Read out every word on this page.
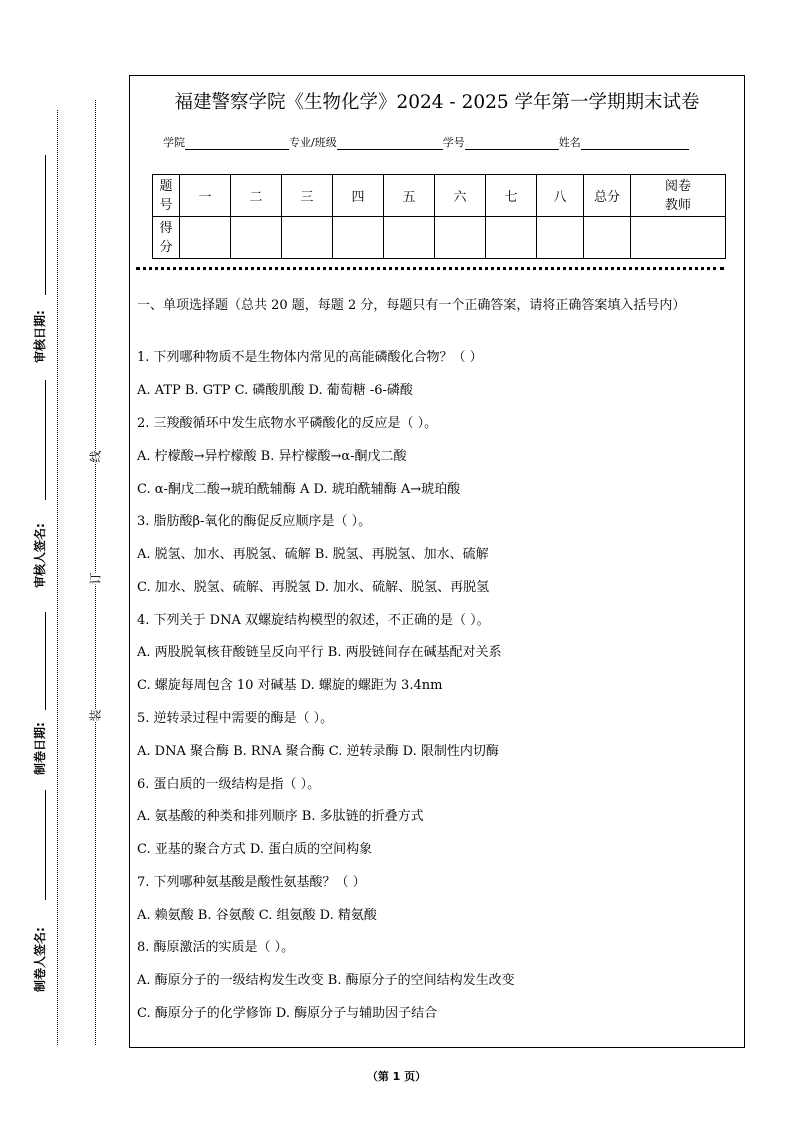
审核日期:
审核人签名:
制卷日期:
制卷人签名:
线
订
装
福建警察学院《生物化学》2024 - 2025 学年第一学期期末试卷
学院	专业/班级	学号	姓名
题号	一	二	三	四	五	六	七	八	总分	阅卷教师

得分										

一、单项选择题（总共 20 题，每题 2 分，每题只有一个正确答案，请将正确答案填入括号内）
1. 下列哪种物质不是生物体内常见的高能磷酸化合物？（ ）
A. ATP B. GTP C. 磷酸肌酸 D. 葡萄糖 -6-磷酸
2. 三羧酸循环中发生底物水平磷酸化的反应是（ ）。
A. 柠檬酸→异柠檬酸 B. 异柠檬酸→α-酮戊二酸
C. α-酮戊二酸→琥珀酰辅酶 A D. 琥珀酰辅酶 A→琥珀酸
3. 脂肪酸β-氧化的酶促反应顺序是（ ）。
A. 脱氢、加水、再脱氢、硫解 B. 脱氢、再脱氢、加水、硫解
C. 加水、脱氢、硫解、再脱氢 D. 加水、硫解、脱氢、再脱氢
4. 下列关于 DNA 双螺旋结构模型的叙述，不正确的是（ ）。
A. 两股脱氧核苷酸链呈反向平行 B. 两股链间存在碱基配对关系
C. 螺旋每周包含 10 对碱基 D. 螺旋的螺距为 3.4nm
5. 逆转录过程中需要的酶是（ ）。
A. DNA 聚合酶 B. RNA 聚合酶 C. 逆转录酶 D. 限制性内切酶
6. 蛋白质的一级结构是指（ ）。
A. 氨基酸的种类和排列顺序 B. 多肽链的折叠方式
C. 亚基的聚合方式 D. 蛋白质的空间构象
7. 下列哪种氨基酸是酸性氨基酸？（ ）
A. 赖氨酸 B. 谷氨酸 C. 组氨酸 D. 精氨酸
8. 酶原激活的实质是（ ）。
A. 酶原分子的一级结构发生改变 B. 酶原分子的空间结构发生改变
C. 酶原分子的化学修饰 D. 酶原分子与辅助因子结合
（第 1 页）
